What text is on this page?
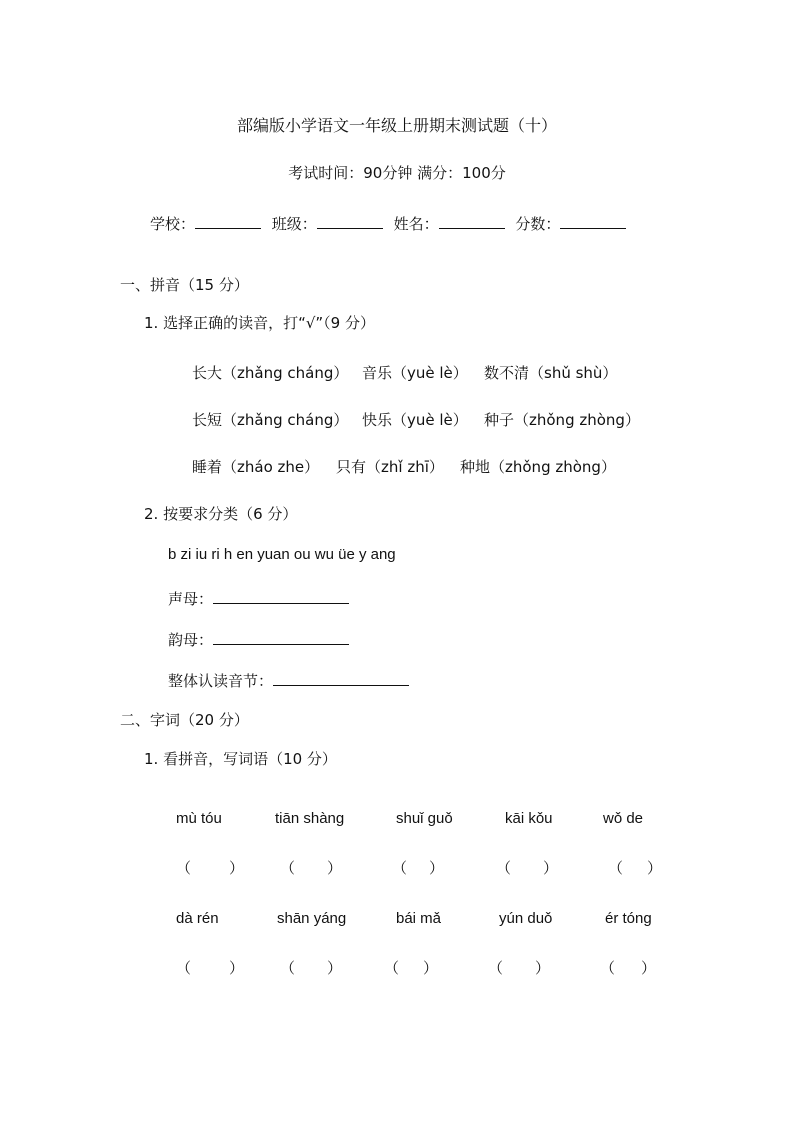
部编版小学语文一年级上册期末测试题（十）
考试时间：90分钟 满分：100分
学校：	班级：	姓名：	分数：
一、拼音（15 分）
1. 选择正确的读音，打“√”（9 分）
长大（zhǎng cháng） 音乐（yuè lè） 数不清（shǔ shù）
长短（zhǎng cháng） 快乐（yuè lè） 种子（zhǒng zhòng）
睡着（zháo zhe） 只有（zhǐ zhī） 种地（zhǒng zhòng）
2. 按要求分类（6 分）
b zi iu ri h en yuan ou wu üe y ang
声母：
韵母：
整体认读音节：
二、字词（20 分）
1. 看拼音，写词语（10 分）
mù tóu	tiān shàng	shuǐ guǒ	kāi kǒu	wǒ de
（	） （ ）	（ ）	（ ）	（ ）
dà rén	shān yáng	bái mǎ	yún duǒ	ér tóng
（	） （ ）	（ ）	（ ）	（ ）
